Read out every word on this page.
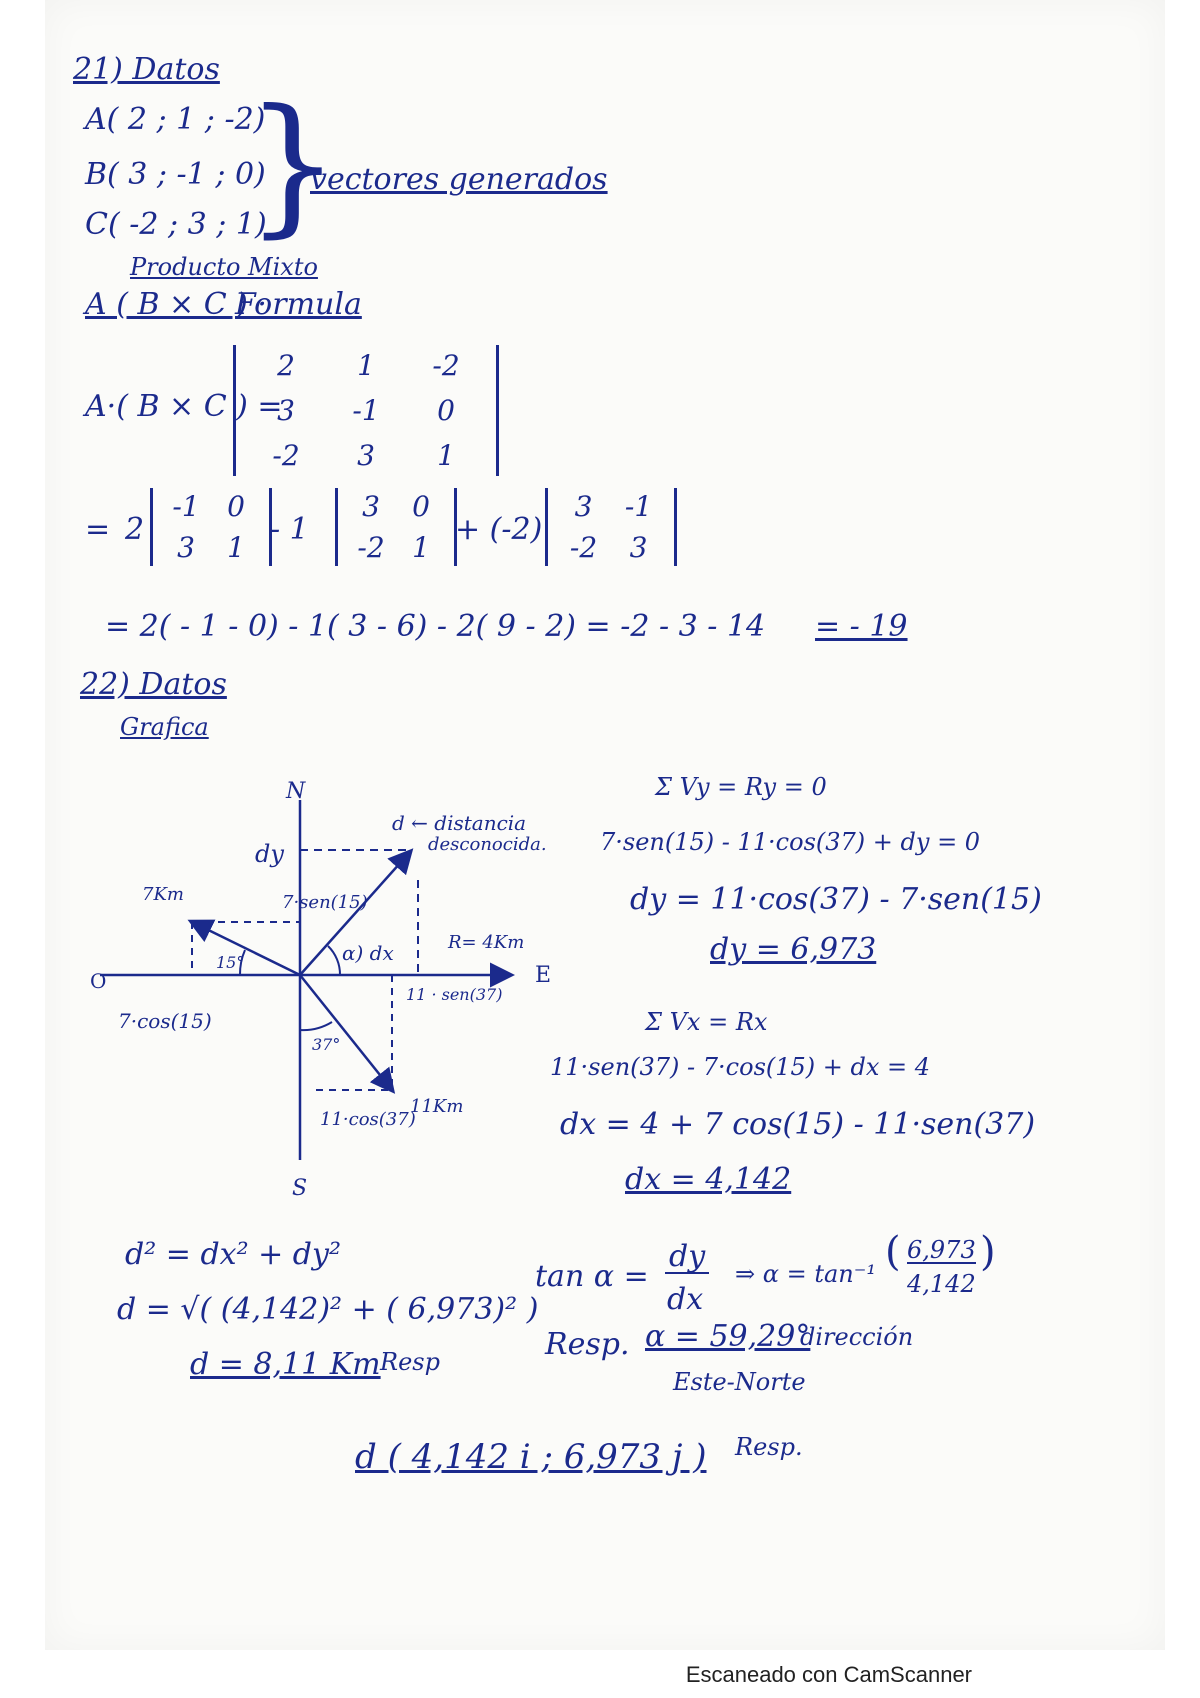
21) Datos
A( 2 ; 1 ; -2)
B( 3 ; -1 ; 0)
C( -2 ; 3 ; 1)
}
vectores generados
Producto Mixto
A ( B × C ) ·
Formula
A·( B × C ) =
2	1	-2
3	-1	0
-2	3	1
= 2
-1 0
3	1
- 1
3	0
-2 1
+ (-2)
3	-1
-2	3
= 2( - 1 - 0) - 1( 3 - 6) - 2( 9 - 2) = -2 - 3 - 14 = - 19
22) Datos
Grafica
Σ Vy = Ry = 0
7·sen(15) - 11·cos(37) + dy = 0
dy = 11·cos(37) - 7·sen(15)
dy = 6,973
Σ Vx = Rx
11·sen(37) - 7·cos(15) + dx = 4
dx = 4 + 7 cos(15) - 11·sen(37)
dx = 4,142
d² = dx² + dy²
d = √( (4,142)² + ( 6,973)² )
d = 8,11 Km Resp
tan α =
dy
dx
⇒ α = tan⁻¹ ( 6,973
4,142
)
Resp. α = 59,29°
dirección
Este-Norte
d ( 4,142 i ; 6,973 j ) Resp.
N
S
E
O
dy
d ← distancia
desconocida.
7Km	7·sen(15)
15°	α) dx	R= 4Km
7·cos(15)
11 · sen(37)
37°
11·cos(37)
11Km
Escaneado con CamScanner
